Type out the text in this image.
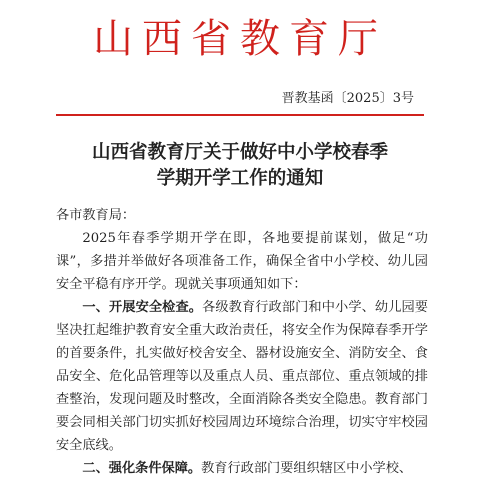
山西省教育厅
晋教基函〔2025〕3号
山西省教育厅关于做好中小学校春季
学期开学工作的通知

各市教育局：

2025年春季学期开学在即，各地要提前谋划，做足“功课”，多措并举做好各项准备工作，确保全省中小学校、幼儿园安全平稳有序开学。现就关事项通知如下：

一、开展安全检查。各级教育行政部门和中小学、幼儿园要坚决扛起维护教育安全重大政治责任，将安全作为保障春季开学的首要条件，扎实做好校舍安全、器材设施安全、消防安全、食品安全、危化品管理等以及重点人员、重点部位、重点领域的排查整治，发现问题及时整改，全面消除各类安全隐患。教育部门要会同相关部门切实抓好校园周边环境综合治理，切实守牢校园安全底线。

二、强化条件保障。教育行政部门要组织辖区中小学校、
